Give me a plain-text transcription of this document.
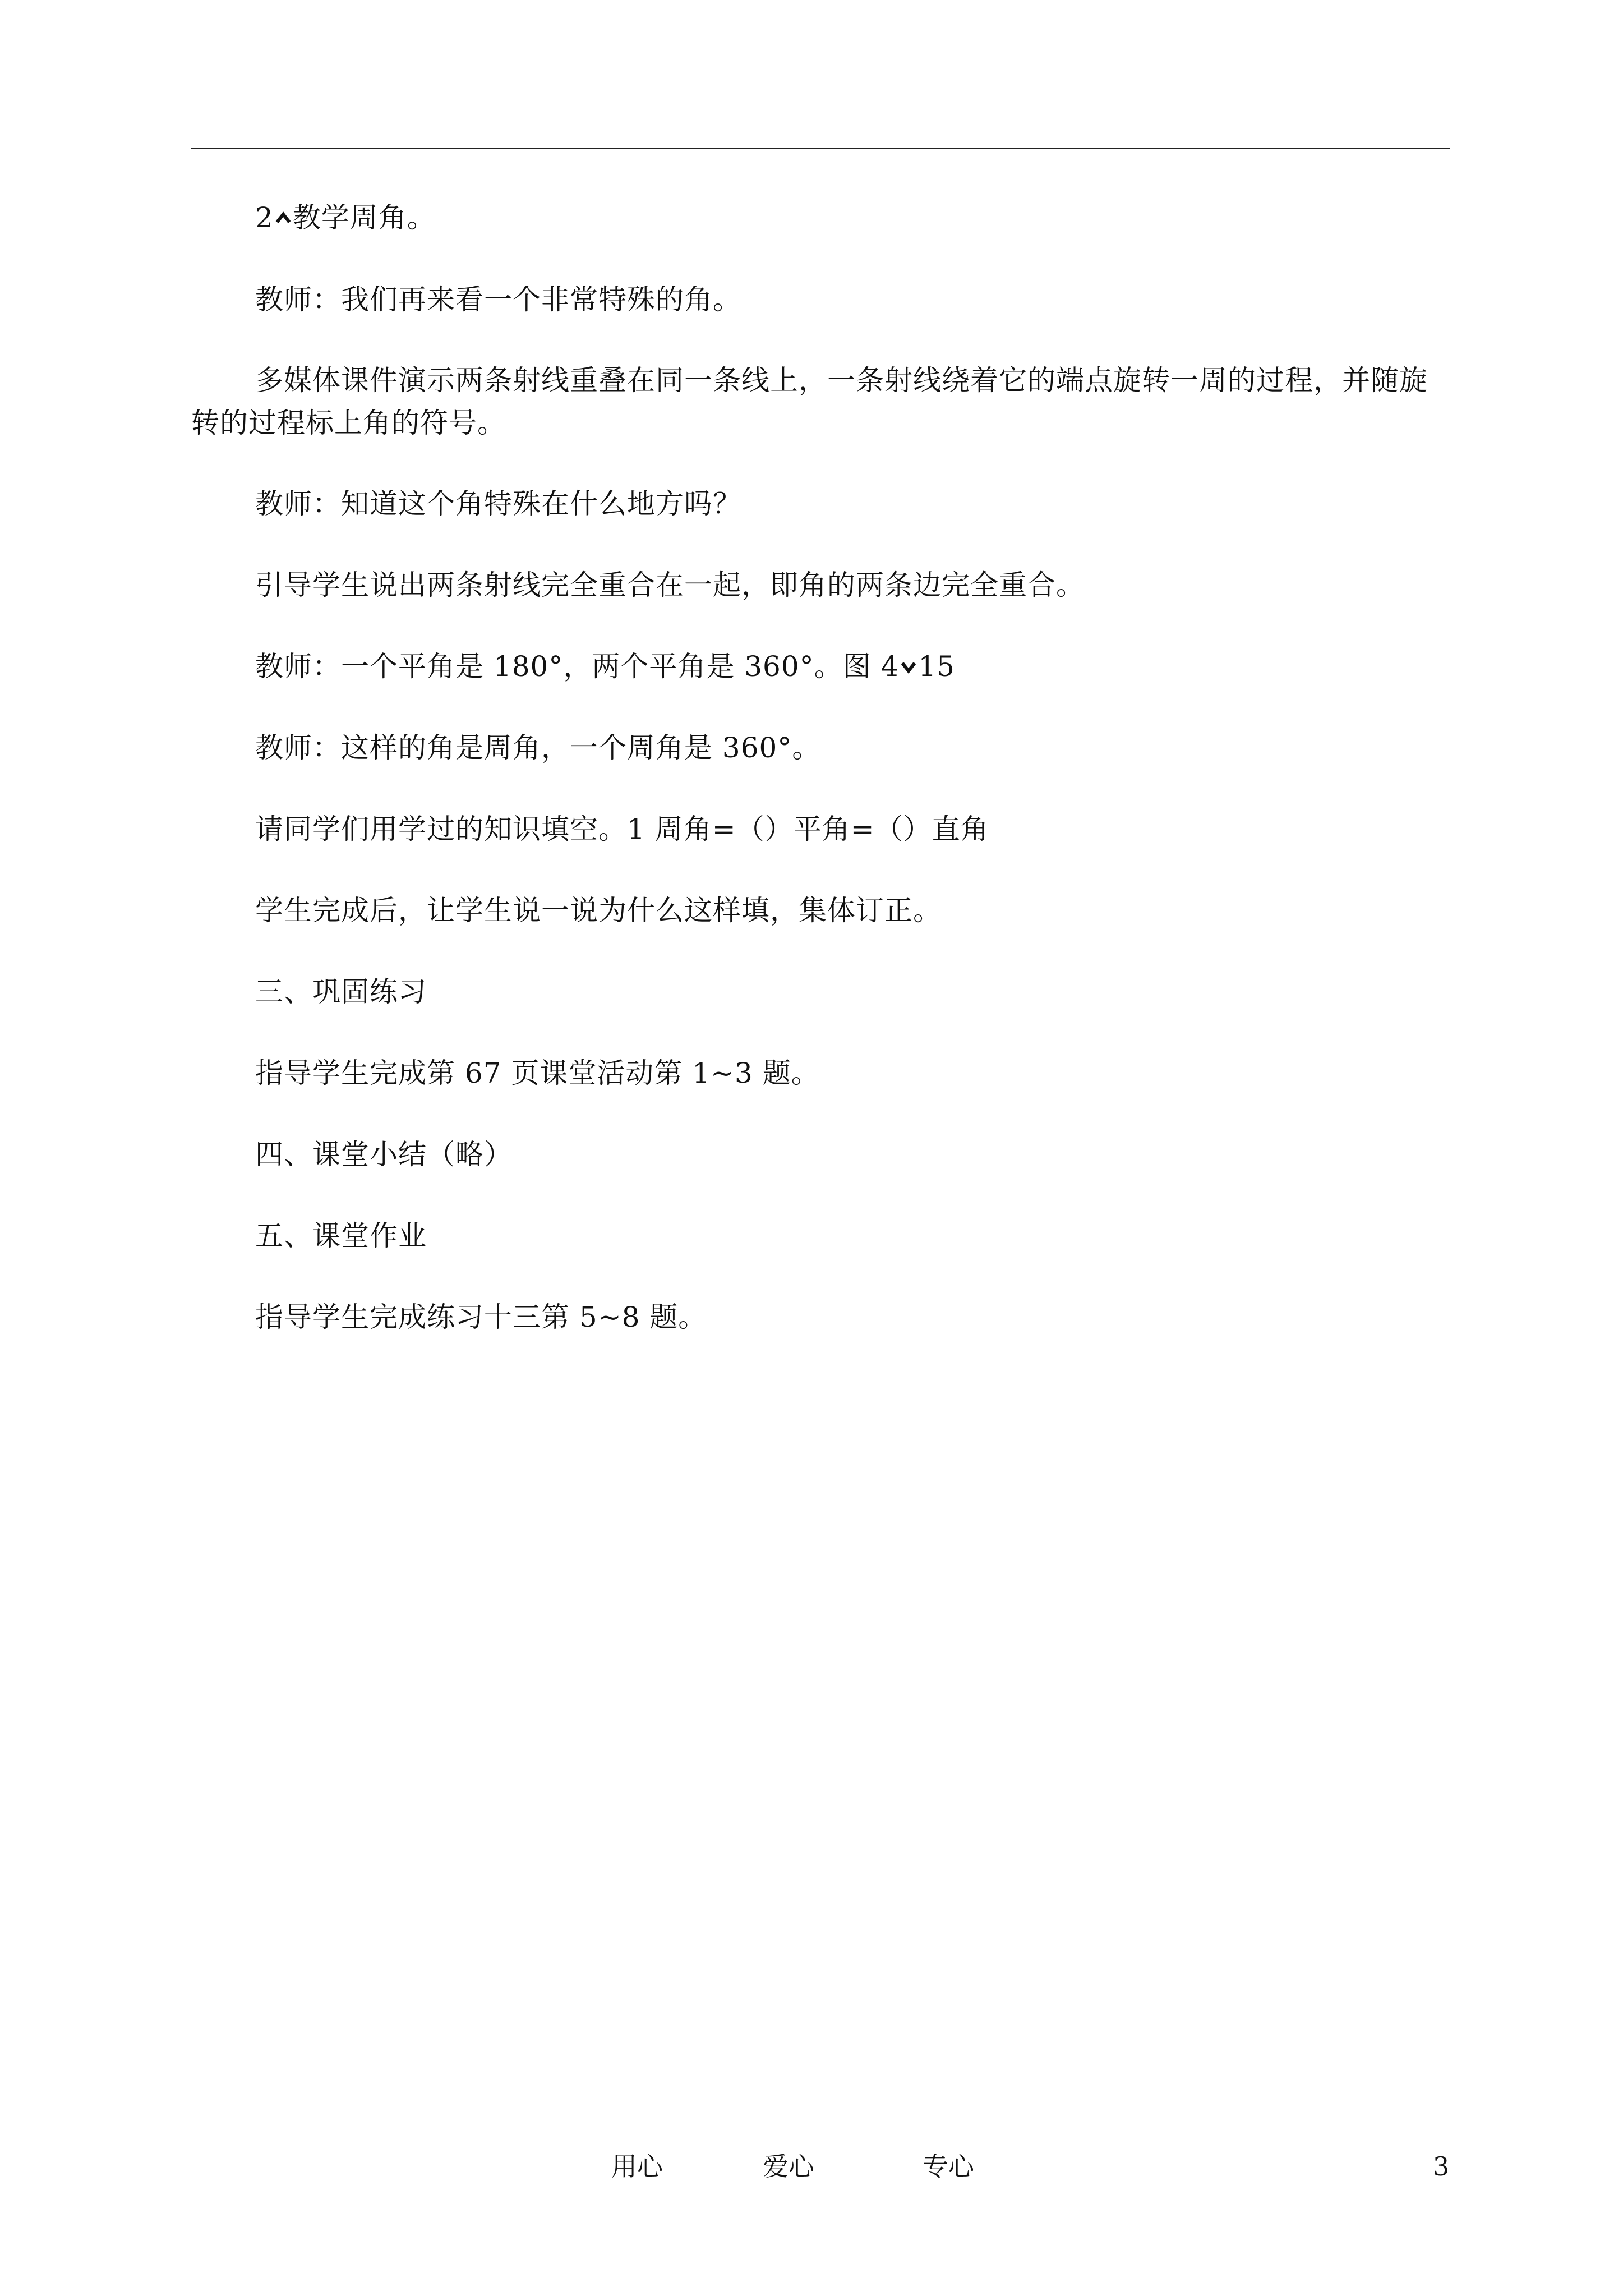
2 教学周角。
教师：我们再来看一个非常特殊的角。
多媒体课件演示两条射线重叠在同一条线上，一条射线绕着它的端点旋转一周的过程，并随旋
转的过程标上角的符号。
教师：知道这个角特殊在什么地方吗？
引导学生说出两条射线完全重合在一起，即角的两条边完全重合。
教师：一个平角是 180°，两个平角是 360°。图 4 15
教师：这样的角是周角，一个周角是 360°。
请同学们用学过的知识填空。1 周角=（）平角=（）直角
学生完成后，让学生说一说为什么这样填，集体订正。
三、巩固练习
指导学生完成第 67 页课堂活动第 1~3 题。
四、课堂小结（略）
五、课堂作业
指导学生完成练习十三第 5~8 题。
用心	爱心	专心	3
